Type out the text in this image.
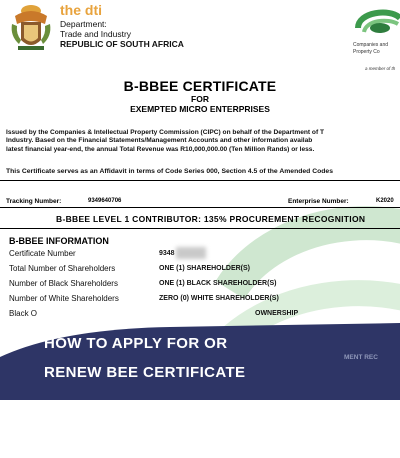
the dti
Department:
Trade and Industry
REPUBLIC OF SOUTH AFRICA	Companies and
Property Co
a member of th
B-BBEE CERTIFICATE
FOR
EXEMPTED MICRO ENTERPRISES
Issued by the Companies & Intellectual Property Commission (CIPC) on behalf of the Department of T
Industry. Based on the Financial Statements/Management Accounts and other information availab
latest financial year-end, the annual Total Revenue was R10,000,000.00 (Ten Million Rands) or less.
This Certificate serves as an Affidavit in terms of Code Series 000, Section 4.5 of the Amended Codes
Tracking Number:	9349640706	Enterprise Number:	K2020
B-BBEE LEVEL 1 CONTRIBUTOR: 135% PROCUREMENT RECOGNITION
B-BBEE INFORMATION
Certificate Number	9348
Total Number of Shareholders	ONE (1) SHAREHOLDER(S)
Number of Black Shareholders	ONE (1) BLACK SHAREHOLDER(S)
Number of White Shareholders	ZERO (0) WHITE SHAREHOLDER(S)
Black O	OWNERSHIP
MENT REC
HOW TO APPLY FOR OR
RENEW BEE CERTIFICATE
